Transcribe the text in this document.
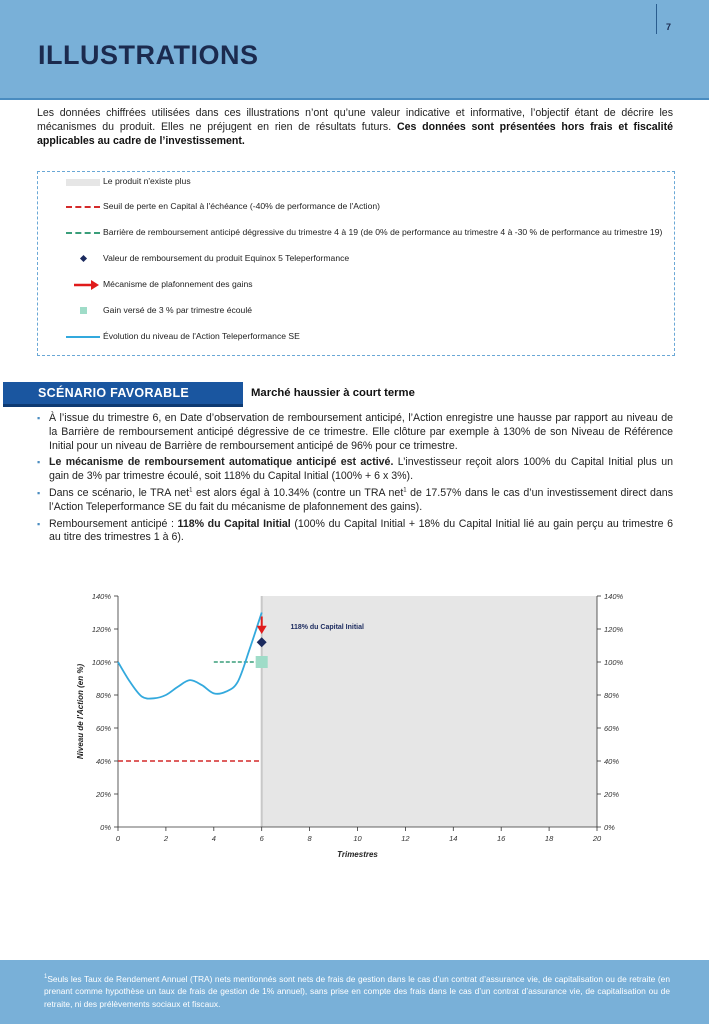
ILLUSTRATIONS
7
Les données chiffrées utilisées dans ces illustrations n’ont qu’une valeur indicative et informative, l’objectif étant de décrire les mécanismes du produit. Elles ne préjugent en rien de résultats futurs. Ces données sont présentées hors frais et fiscalité applicables au cadre de l’investissement.
Le produit n'existe plus
Seuil de perte en Capital à l'échéance (-40% de performance de l'Action)
Barrière de remboursement anticipé dégressive du trimestre 4 à 19 (de 0% de performance au trimestre 4 à -30 % de performance au trimestre 19)
Valeur de remboursement du produit Equinox 5 Teleperformance
Mécanisme de plafonnement des gains
Gain versé de 3 % par trimestre écoulé
Évolution du niveau de l'Action Teleperformance SE
SCÉNARIO FAVORABLE	Marché haussier à court terme
▪ À l’issue du trimestre 6, en Date d’observation de remboursement anticipé, l’Action enregistre une hausse par rapport au niveau de la Barrière de remboursement anticipé dégressive de ce trimestre. Elle clôture par exemple à 130% de son Niveau de Référence Initial pour un niveau de Barrière de remboursement anticipé de 96% pour ce trimestre.
▪ Le mécanisme de remboursement automatique anticipé est activé. L’investisseur reçoit alors 100% du Capital Initial plus un gain de 3% par trimestre écoulé, soit 118% du Capital Initial (100% + 6 x 3%).
▪ Dans ce scénario, le TRA net$^1$ est alors égal à 10.34% (contre un TRA net$^1$ de 17.57% dans le cas d’un investissement direct dans l’Action Teleperformance SE du fait du mécanisme de plafonnement des gains).
▪ Remboursement anticipé : 118% du Capital Initial (100% du Capital Initial + 18% du Capital Initial lié au gain perçu au trimestre 6 au titre des trimestres 1 à 6).
0%	0%
20%	20%
40%	40%
60%	60%
80%	80%
100%	100%
120%	120%
140%	140%
0	2	4	6	8	10	12	14	16	18	20
Trimestres
Niveau de l'Action (en %)
118% du Capital Initial

$^1$Seuls les Taux de Rendement Annuel (TRA) nets mentionnés sont nets de frais de gestion dans le cas d’un contrat d’assurance vie, de capitalisation ou de retraite (en prenant comme hypothèse un taux de frais de gestion de 1% annuel), sans prise en compte des frais dans le cas d’un contrat d’assurance vie, de capitalisation ou de retraite, ni des prélèvements sociaux et fiscaux.
